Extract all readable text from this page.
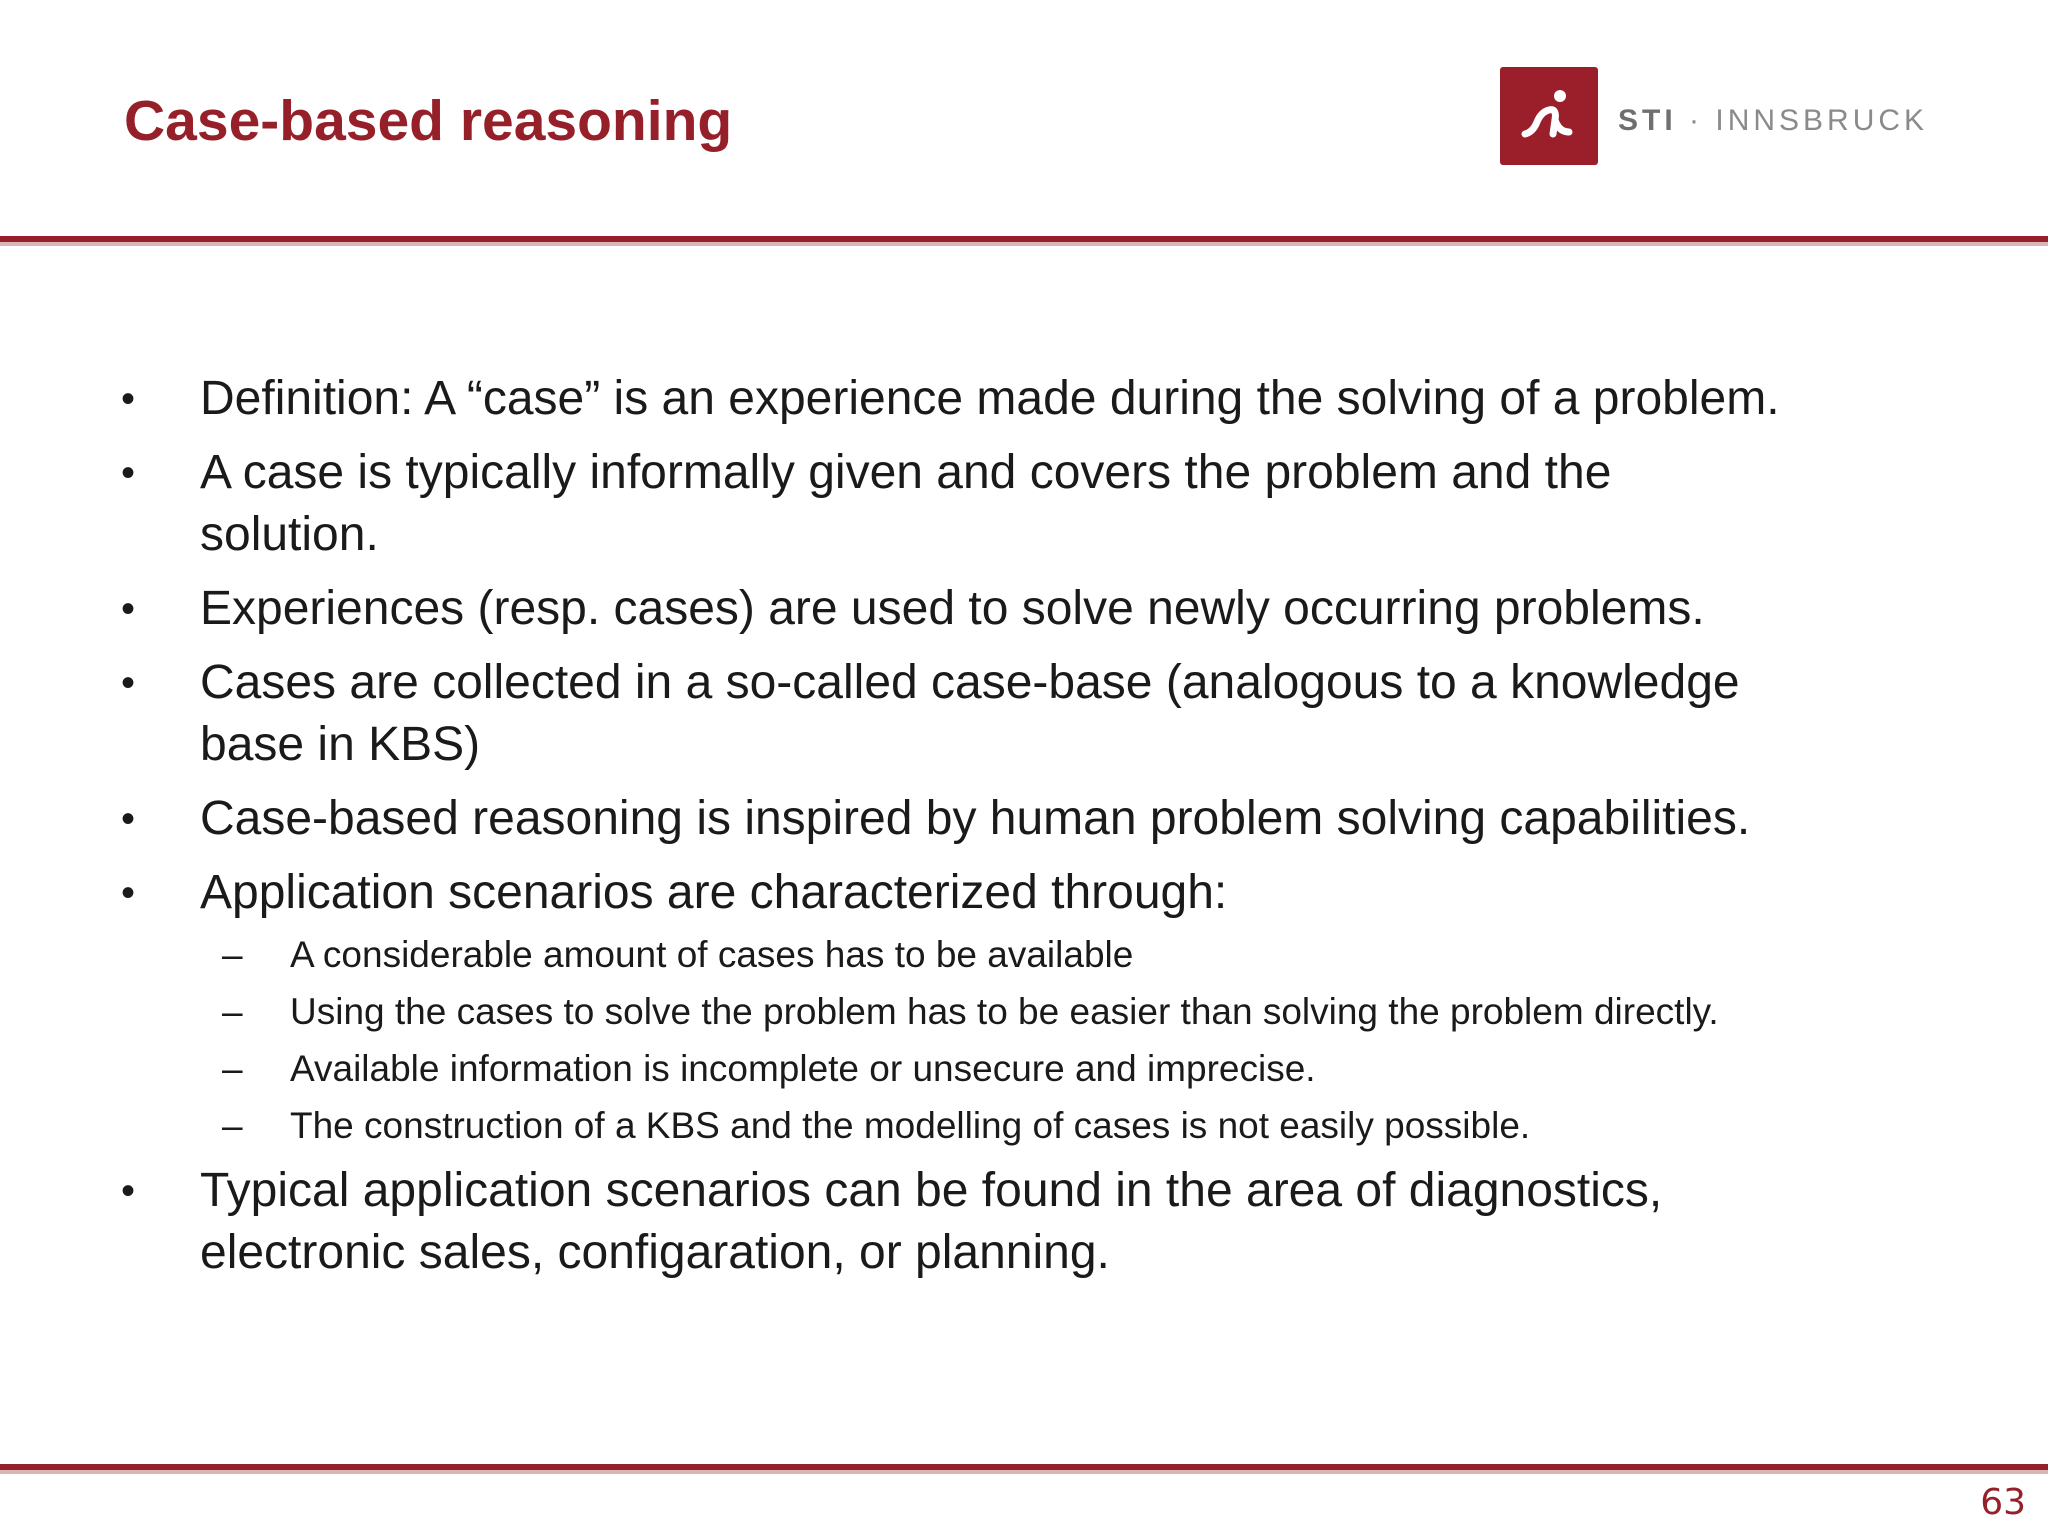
Case-based reasoning	STI · INNSBRUCK
• Definition: A “case” is an experience made during the solving of a problem.
• A case is typically informally given and covers the problem and the solution.
• Experiences (resp. cases) are used to solve newly occurring problems.
• Cases are collected in a so-called case-base (analogous to a knowledge base in KBS)
• Case-based reasoning is inspired by human problem solving capabilities.
• Application scenarios are characterized through:
– A considerable amount of cases has to be available
– Using the cases to solve the problem has to be easier than solving the problem directly.
– Available information is incomplete or unsecure and imprecise.
– The construction of a KBS and the modelling of cases is not easily possible.
• Typical application scenarios can be found in the area of diagnostics, electronic sales, configaration, or planning.
63
